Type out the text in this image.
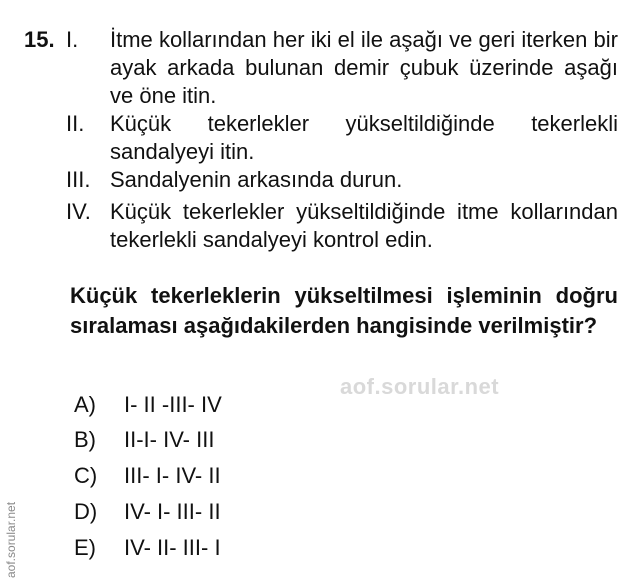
15. I. İtme kollarından her iki el ile aşağı ve geri iterken bir ayak arkada bulunan demir çubuk üzerinde aşağı ve öne itin.
II. Küçük tekerlekler yükseltildiğinde tekerlekli sandalyeyi itin.
III. Sandalyenin arkasında durun.
IV. Küçük tekerlekler yükseltildiğinde itme kollarından tekerlekli sandalyeyi kontrol edin.
Küçük tekerleklerin yükseltilmesi işleminin doğru sıralaması aşağıdakilerden hangisinde verilmiştir?
A) I- II -III- IV
B) II-I- IV- III
C) III- I- IV- II
D) IV- I- III- II
E) IV- II- III- I
aof.sorular.net
aof.sorular.net
